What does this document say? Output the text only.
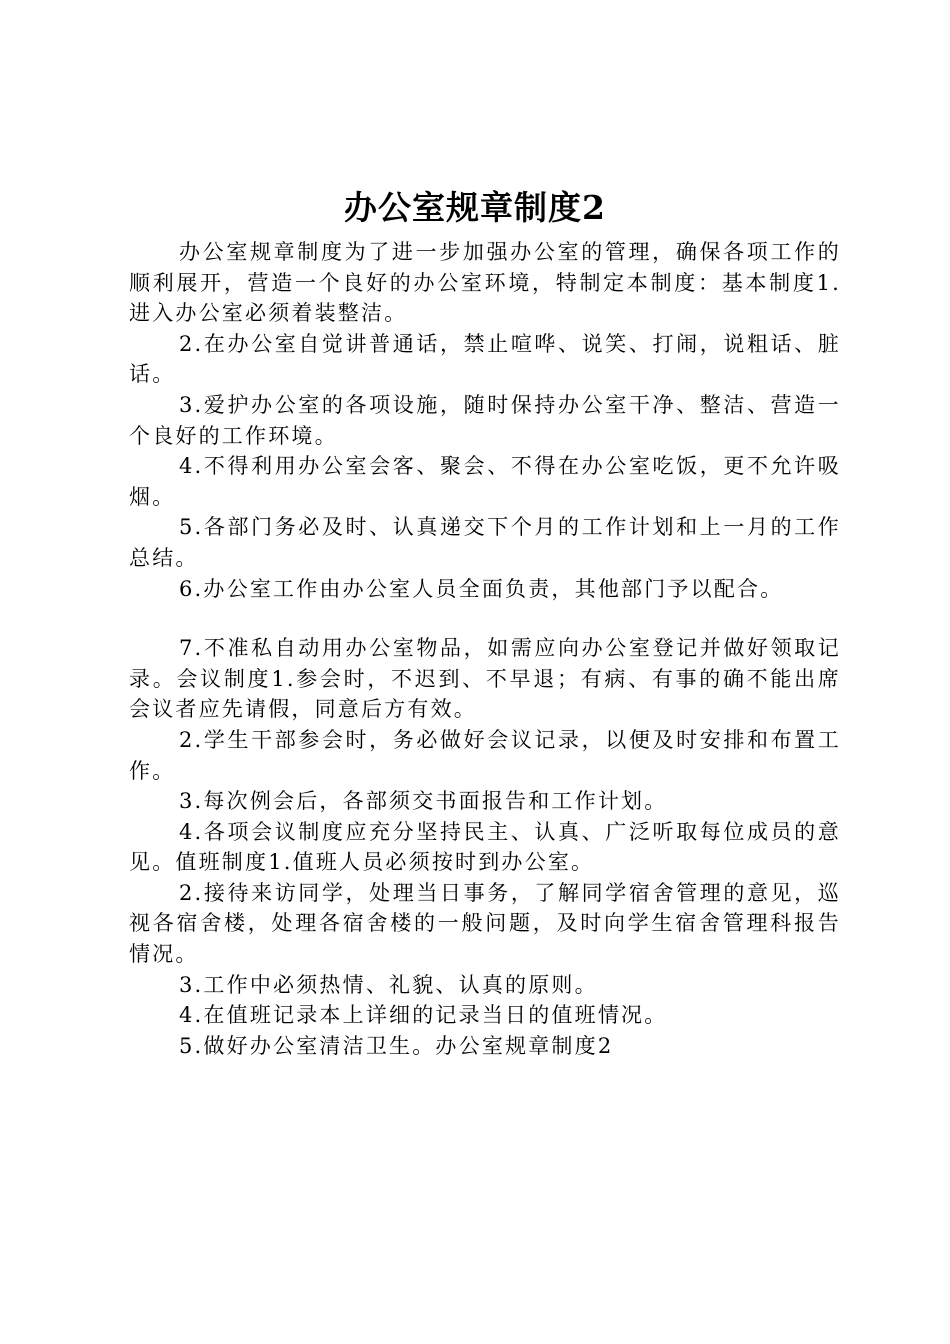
办公室规章制度2

办公室规章制度为了进一步加强办公室的管理，确保各项工作的顺利展开，营造一个良好的办公室环境，特制定本制度：基本制度1.进入办公室必须着装整洁。

2.在办公室自觉讲普通话，禁止喧哗、说笑、打闹，说粗话、脏话。

3.爱护办公室的各项设施，随时保持办公室干净、整洁、营造一个良好的工作环境。

4.不得利用办公室会客、聚会、不得在办公室吃饭，更不允许吸烟。

5.各部门务必及时、认真递交下个月的工作计划和上一月的工作总结。

6.办公室工作由办公室人员全面负责，其他部门予以配合。

7.不准私自动用办公室物品，如需应向办公室登记并做好领取记录。会议制度1.参会时，不迟到、不早退；有病、有事的确不能出席会议者应先请假，同意后方有效。

2.学生干部参会时，务必做好会议记录，以便及时安排和布置工作。

3.每次例会后，各部须交书面报告和工作计划。

4.各项会议制度应充分坚持民主、认真、广泛听取每位成员的意见。值班制度1.值班人员必须按时到办公室。

2.接待来访同学，处理当日事务，了解同学宿舍管理的意见，巡视各宿舍楼，处理各宿舍楼的一般问题，及时向学生宿舍管理科报告情况。

3.工作中必须热情、礼貌、认真的原则。

4.在值班记录本上详细的记录当日的值班情况。

5.做好办公室清洁卫生。办公室规章制度2
